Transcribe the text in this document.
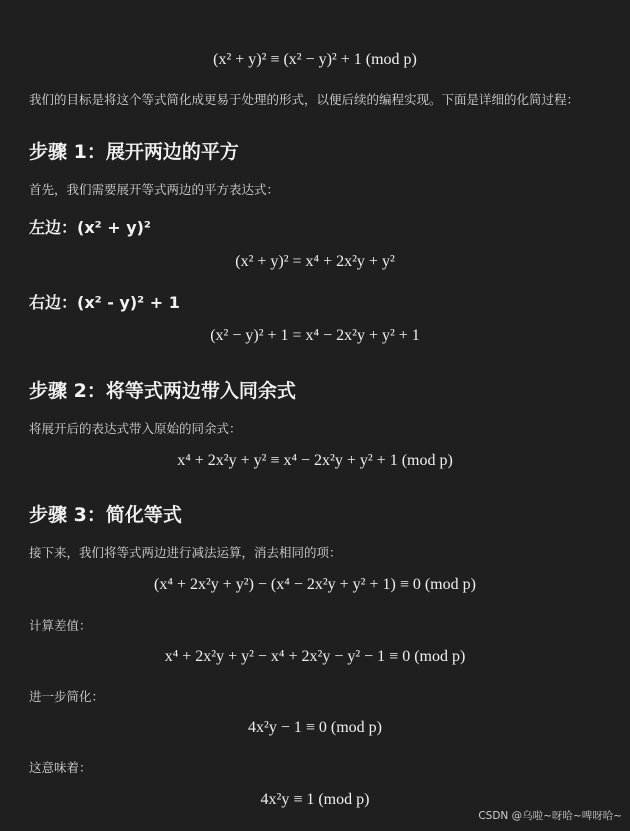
(x² + y)² ≡ (x² − y)² + 1 (mod p)
我们的目标是将这个等式简化成更易于处理的形式，以便后续的编程实现。下面是详细的化简过程：
步骤 1：展开两边的平方
首先，我们需要展开等式两边的平方表达式：
左边：(x² + y)²
(x² + y)² = x⁴ + 2x²y + y²
右边：(x² - y)² + 1
(x² − y)² + 1 = x⁴ − 2x²y + y² + 1
步骤 2：将等式两边带入同余式
将展开后的表达式带入原始的同余式：
x⁴ + 2x²y + y² ≡ x⁴ − 2x²y + y² + 1 (mod p)
步骤 3：简化等式
接下来，我们将等式两边进行减法运算，消去相同的项：
(x⁴ + 2x²y + y²) − (x⁴ − 2x²y + y² + 1) ≡ 0 (mod p)
计算差值：
x⁴ + 2x²y + y² − x⁴ + 2x²y − y² − 1 ≡ 0 (mod p)
进一步简化：
4x²y − 1 ≡ 0 (mod p)
这意味着：
4x²y ≡ 1 (mod p)
CSDN @乌啦~呀哈~啤呀哈~
